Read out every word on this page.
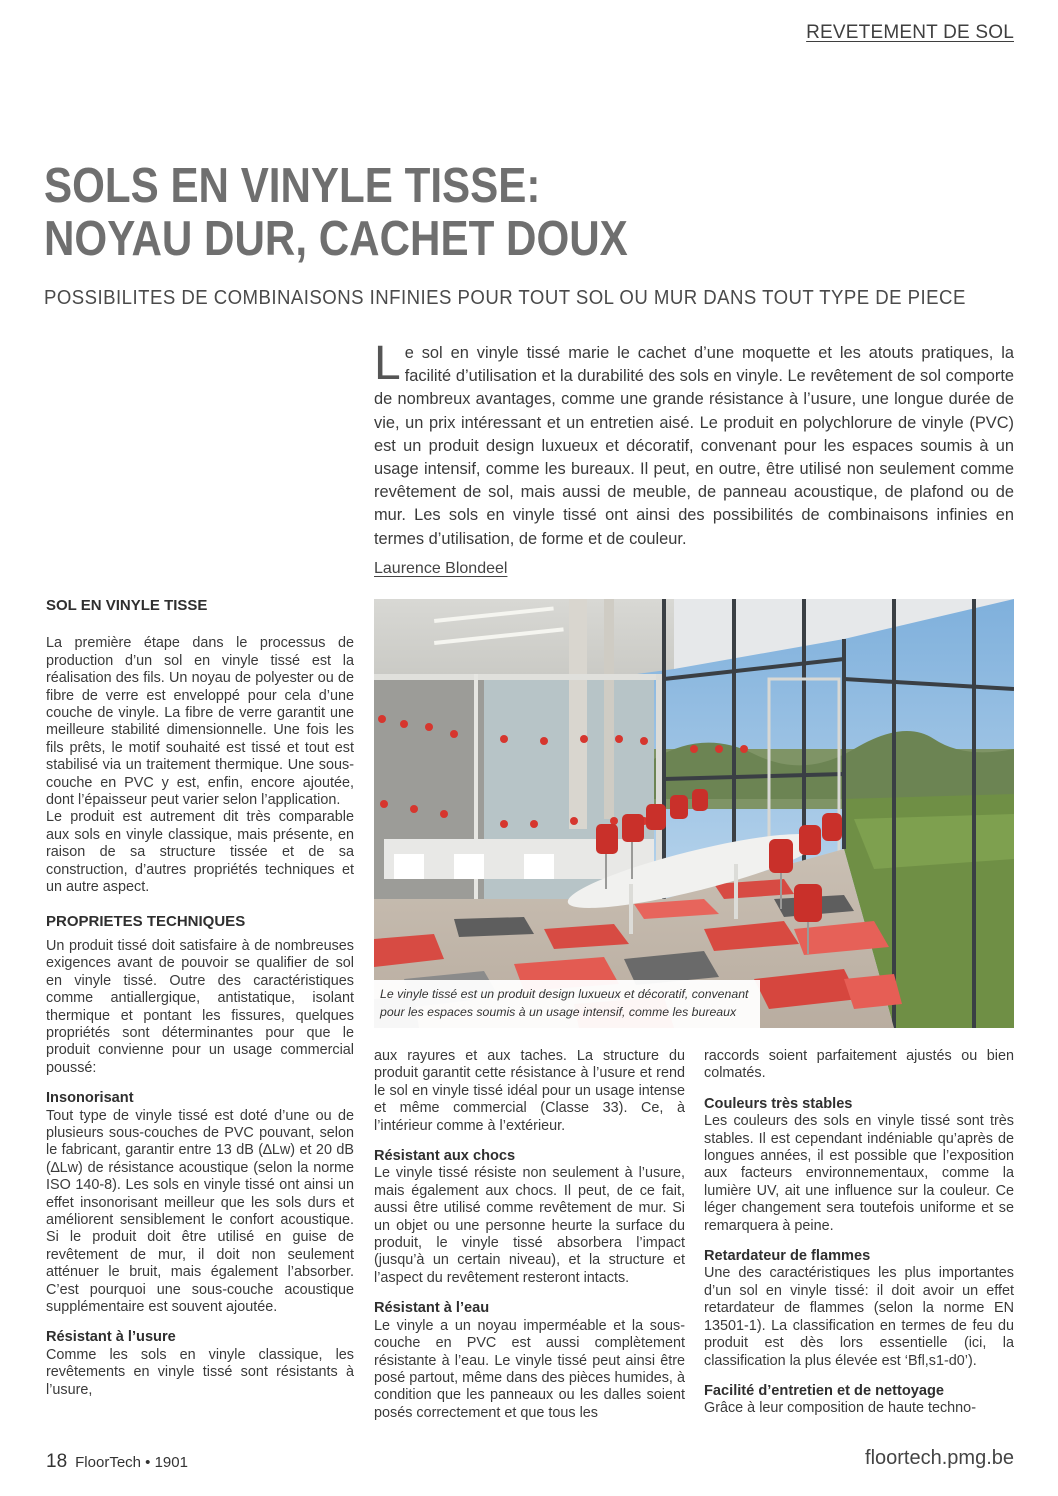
REVETEMENT DE SOL
SOLS EN VINYLE TISSE:
NOYAU DUR, CACHET DOUX
POSSIBILITES DE COMBINAISONS INFINIES POUR TOUT SOL OU MUR DANS TOUT TYPE DE PIECE
Le sol en vinyle tissé marie le cachet d’une moquette et les atouts pratiques, la facilité d’utilisation et la durabilité des sols en vinyle. Le revêtement de sol comporte de nombreux avantages, comme une grande résistance à l’usure, une longue durée de vie, un prix intéressant et un entretien aisé. Le produit en polychlorure de vinyle (PVC) est un produit design luxueux et décoratif, convenant pour les espaces soumis à un usage intensif, comme les bureaux. Il peut, en outre, être utilisé non seulement comme revêtement de sol, mais aussi de meuble, de panneau acoustique, de plafond ou de mur. Les sols en vinyle tissé ont ainsi des possibilités de combinaisons infinies en termes d’utilisation, de forme et de couleur.
Laurence Blondeel
SOL EN VINYLE TISSE

La première étape dans le processus de production d’un sol en vinyle tissé est la réalisation des fils. Un noyau de polyester ou de fibre de verre est enveloppé pour cela d’une couche de vinyle. La fibre de verre garantit une meilleure stabilité dimensionnelle. Une fois les fils prêts, le motif souhaité est tissé et tout est stabilisé via un traitement thermique. Une sous-couche en PVC y est, enfin, encore ajoutée, dont l’épaisseur peut varier selon l’application.

Le produit est autrement dit très comparable aux sols en vinyle classique, mais présente, en raison de sa structure tissée et de sa construction, d’autres propriétés techniques et un autre aspect.

PROPRIETES TECHNIQUES

Un produit tissé doit satisfaire à de nombreuses exigences avant de pouvoir se qualifier de sol en vinyle tissé. Outre des caractéristiques comme antiallergique, antistatique, isolant thermique et pontant les fissures, quelques propriétés sont déterminantes pour que le produit convienne pour un usage commercial poussé:

Insonorisant

Tout type de vinyle tissé est doté d’une ou de plusieurs sous-couches de PVC pouvant, selon le fabricant, garantir entre 13 dB (∆Lw) et 20 dB (∆Lw) de résistance acoustique (selon la norme ISO 140-8). Les sols en vinyle tissé ont ainsi un effet insonorisant meilleur que les sols durs et améliorent sensiblement le confort acoustique. Si le produit doit être utilisé en guise de revêtement de mur, il doit non seulement atténuer le bruit, mais également l’absorber. C’est pourquoi une sous-couche acoustique supplémentaire est souvent ajoutée.

Résistant à l’usure

Comme les sols en vinyle classique, les revêtements en vinyle tissé sont résistants à l’usure,

Le vinyle tissé est un produit design luxueux et décoratif, convenant pour les espaces soumis à un usage intensif, comme les bureaux

aux rayures et aux taches. La structure du produit garantit cette résistance à l’usure et rend le sol en vinyle tissé idéal pour un usage intense et même commercial (Classe 33). Ce, à l’intérieur comme à l’extérieur.

Résistant aux chocs

Le vinyle tissé résiste non seulement à l’usure, mais également aux chocs. Il peut, de ce fait, aussi être utilisé comme revêtement de mur. Si un objet ou une personne heurte la surface du produit, le vinyle tissé absorbera l’impact (jusqu’à un certain niveau), et la structure et l’aspect du revêtement resteront intacts.

Résistant à l’eau

Le vinyle a un noyau imperméable et la sous-couche en PVC est aussi complètement résistante à l’eau. Le vinyle tissé peut ainsi être posé partout, même dans des pièces humides, à condition que les panneaux ou les dalles soient posés correctement et que tous les

raccords soient parfaitement ajustés ou bien colmatés.

Couleurs très stables

Les couleurs des sols en vinyle tissé sont très stables. Il est cependant indéniable qu’après de longues années, il est possible que l’exposition aux facteurs environnementaux, comme la lumière UV, ait une influence sur la couleur. Ce léger changement sera toutefois uniforme et se remarquera à peine.

Retardateur de flammes

Une des caractéristiques les plus importantes d’un sol en vinyle tissé: il doit avoir un effet retardateur de flammes (selon la norme EN 13501-1). La classification en termes de feu du produit est dès lors essentielle (ici, la classification la plus élevée est ‘Bfl,s1-d0’).

Facilité d’entretien et de nettoyage

Grâce à leur composition de haute techno-

18 FloorTech • 1901	floortech.pmg.be
